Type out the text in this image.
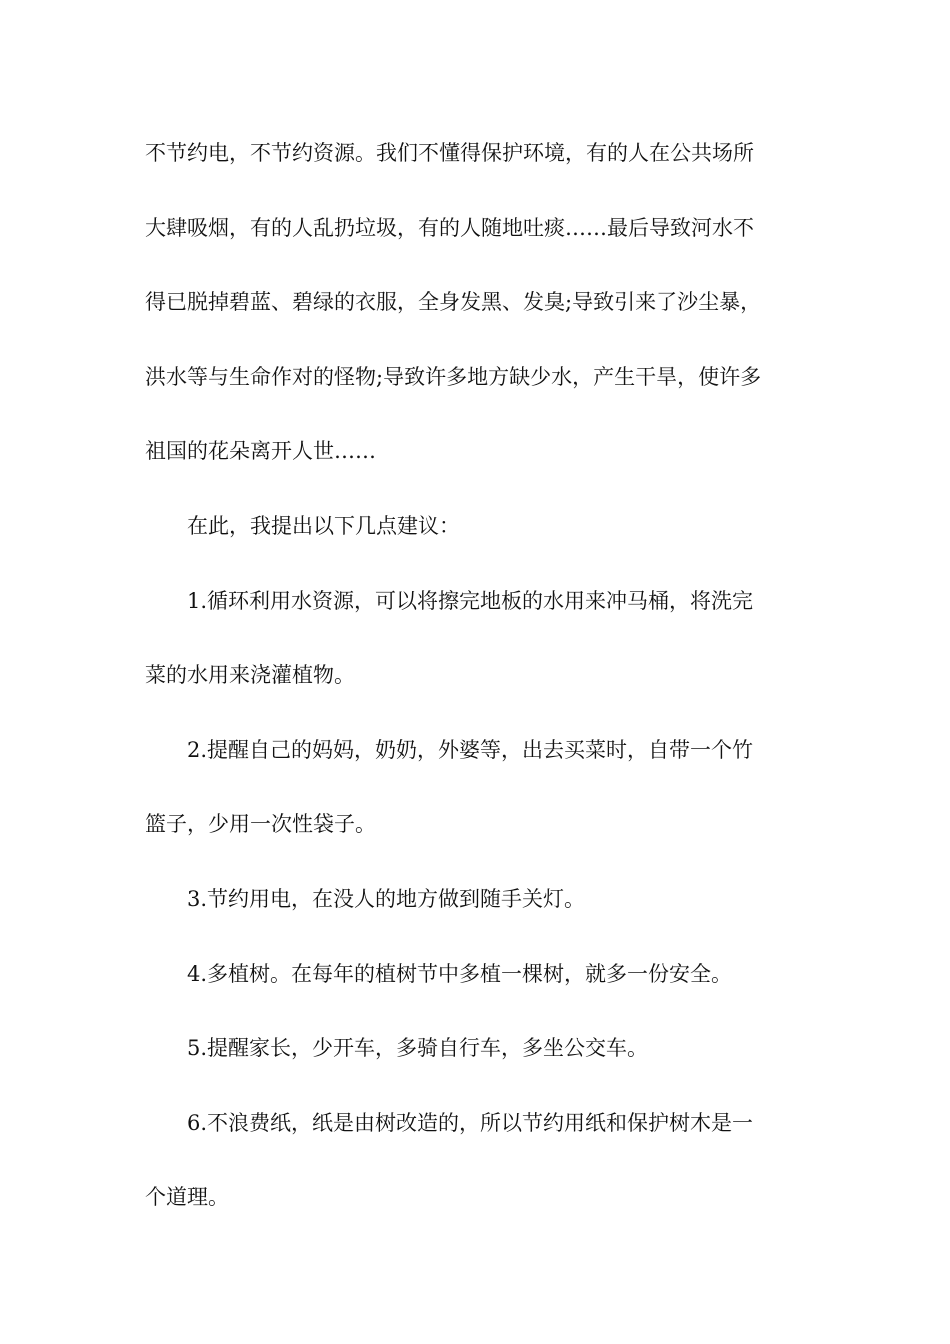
不节约电，不节约资源。我们不懂得保护环境，有的人在公共场所
大肆吸烟，有的人乱扔垃圾，有的人随地吐痰……最后导致河水不
得已脱掉碧蓝、碧绿的衣服，全身发黑、发臭;导致引来了沙尘暴，
洪水等与生命作对的怪物;导致许多地方缺少水，产生干旱，使许多
祖国的花朵离开人世……
在此，我提出以下几点建议：
1.循环利用水资源，可以将擦完地板的水用来冲马桶，将洗完
菜的水用来浇灌植物。
2.提醒自己的妈妈，奶奶，外婆等，出去买菜时，自带一个竹
篮子，少用一次性袋子。
3.节约用电，在没人的地方做到随手关灯。
4.多植树。在每年的植树节中多植一棵树，就多一份安全。
5.提醒家长，少开车，多骑自行车，多坐公交车。
6.不浪费纸，纸是由树改造的，所以节约用纸和保护树木是一
个道理。
